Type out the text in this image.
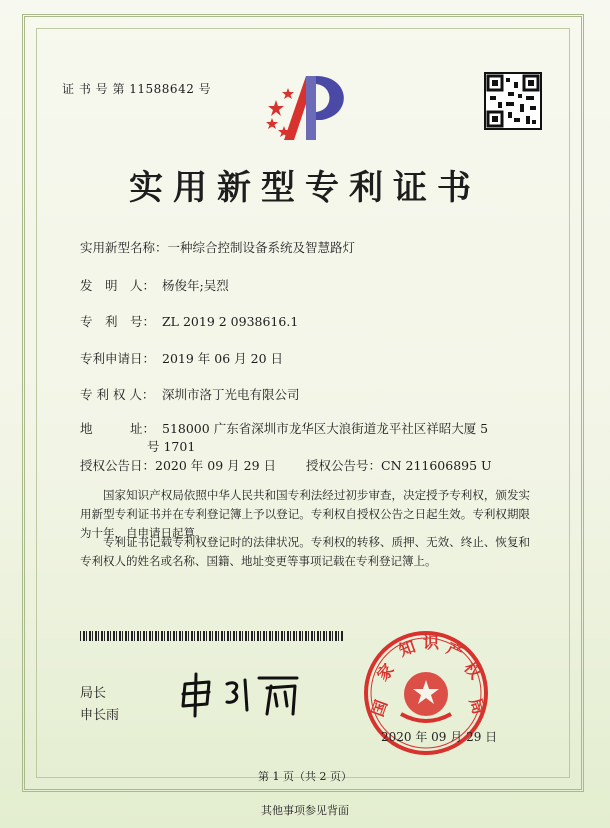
证 书 号 第 11588642 号
实用新型专利证书
实用新型名称：一种综合控制设备系统及智慧路灯
发　明　人： 杨俊年;吴烈
专　利　号： ZL 2019 2 0938616.1
专利申请日： 2019 年 06 月 20 日
专 利 权 人： 深圳市洛丁光电有限公司
地　　　址： 518000 广东省深圳市龙华区大浪街道龙平社区祥昭大厦 5
号 1701
授权公告日：2020 年 09 月 29 日 授权公告号：CN 211606895 U
国家知识产权局依照中华人民共和国专利法经过初步审查，决定授予专利权，颁发实用新型专利证书并在专利登记簿上予以登记。专利权自授权公告之日起生效。专利权期限为十年，自申请日起算。
专利证书记载专利权登记时的法律状况。专利权的转移、质押、无效、终止、恢复和专利权人的姓名或名称、国籍、地址变更等事项记载在专利登记簿上。
局长
申长雨	国
家
知 识 产
权
局
2020 年 09 月 29 日
第 1 页（共 2 页）
其他事项参见背面
